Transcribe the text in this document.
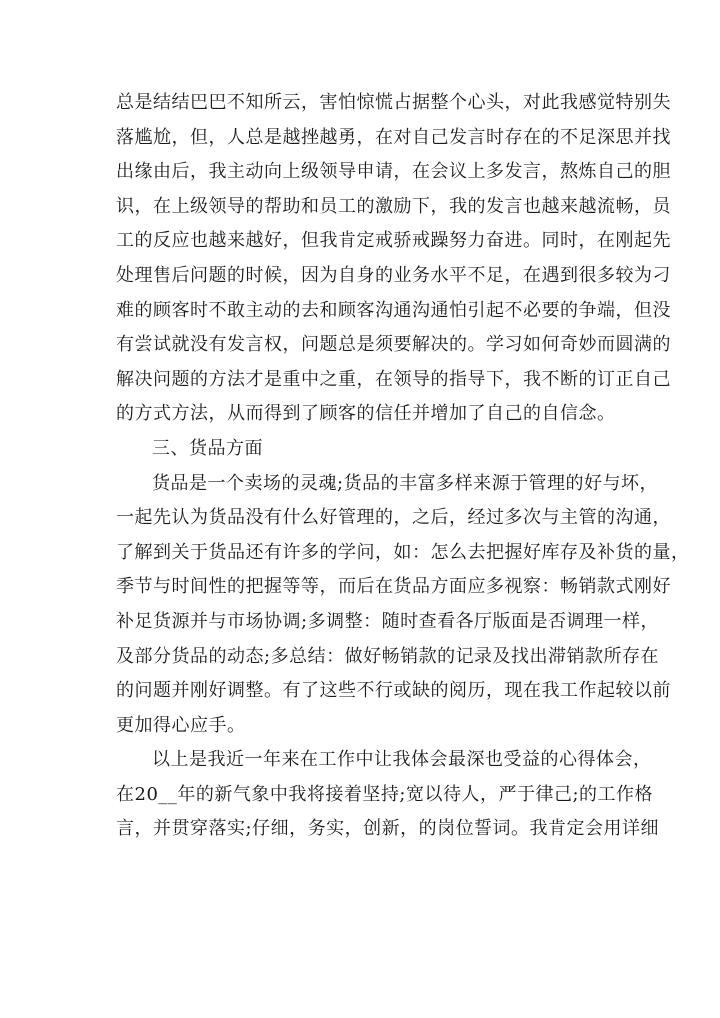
总是结结巴巴不知所云，害怕惊慌占据整个心头，对此我感觉特别失
落尴尬，但，人总是越挫越勇，在对自己发言时存在的不足深思并找
出缘由后，我主动向上级领导申请，在会议上多发言，熬炼自己的胆
识，在上级领导的帮助和员工的激励下，我的发言也越来越流畅，员
工的反应也越来越好，但我肯定戒骄戒躁努力奋进。同时，在刚起先
处理售后问题的时候，因为自身的业务水平不足，在遇到很多较为刁
难的顾客时不敢主动的去和顾客沟通沟通怕引起不必要的争端，但没
有尝试就没有发言权，问题总是须要解决的。学习如何奇妙而圆满的
解决问题的方法才是重中之重，在领导的指导下，我不断的订正自己
的方式方法，从而得到了顾客的信任并增加了自己的自信念。
三、货品方面
货品是一个卖场的灵魂;货品的丰富多样来源于管理的好与坏，
一起先认为货品没有什么好管理的，之后，经过多次与主管的沟通，
了解到关于货品还有许多的学问，如：怎么去把握好库存及补货的量，
季节与时间性的把握等等，而后在货品方面应多视察：畅销款式刚好
补足货源并与市场协调;多调整：随时查看各厅版面是否调理一样，
及部分货品的动态;多总结：做好畅销款的记录及找出滞销款所存在
的问题并刚好调整。有了这些不行或缺的阅历，现在我工作起较以前
更加得心应手。
以上是我近一年来在工作中让我体会最深也受益的心得体会，
在20__年的新气象中我将接着坚持;宽以待人，严于律己;的工作格
言，并贯穿落实;仔细，务实，创新，的岗位誓词。我肯定会用详细
